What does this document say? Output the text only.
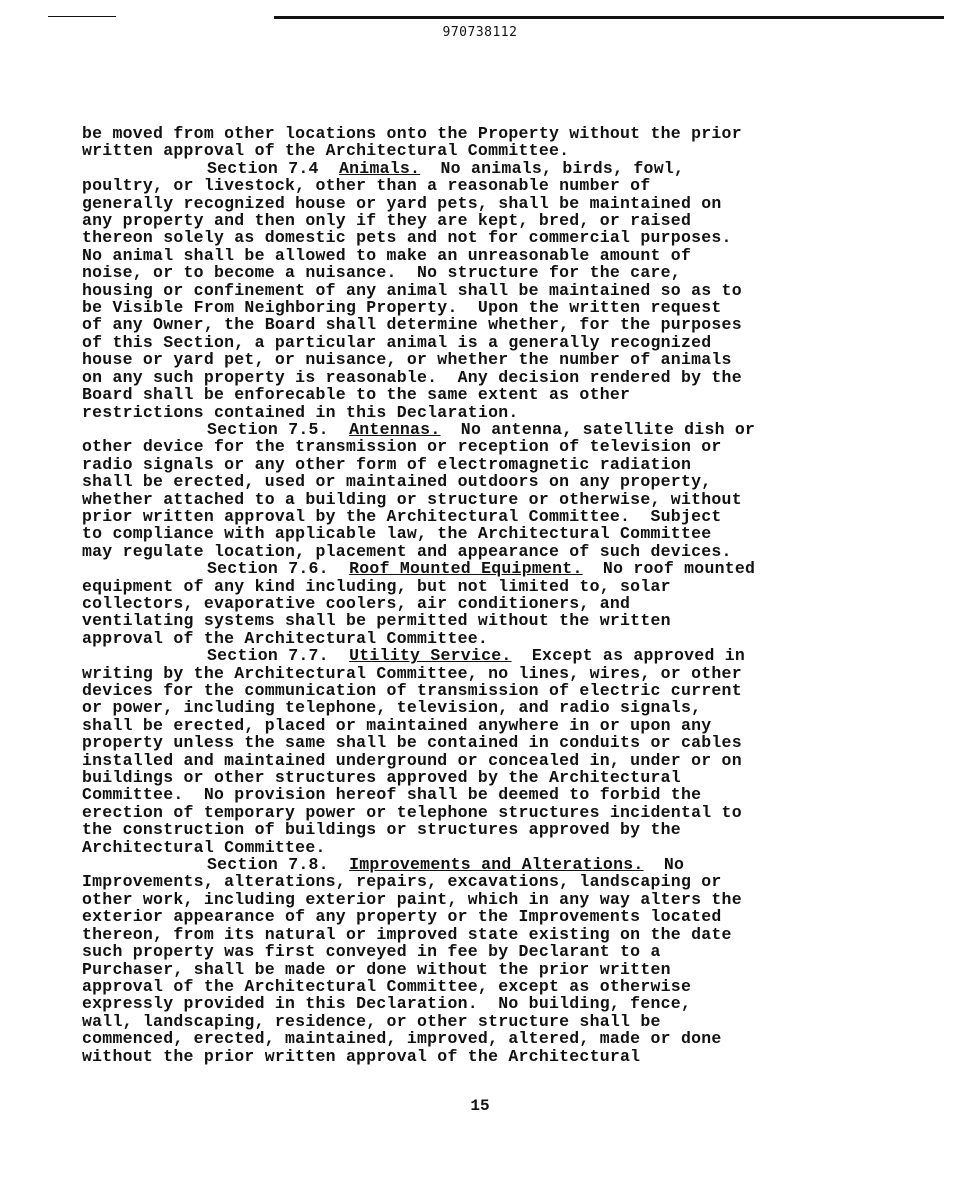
970738112
be moved from other locations onto the Property without the prior
written approval of the Architectural Committee.
Section 7.4  Animals.  No animals, birds, fowl,
poultry, or livestock, other than a reasonable number of
generally recognized house or yard pets, shall be maintained on
any property and then only if they are kept, bred, or raised
thereon solely as domestic pets and not for commercial purposes.
No animal shall be allowed to make an unreasonable amount of
noise, or to become a nuisance.  No structure for the care,
housing or confinement of any animal shall be maintained so as to
be Visible From Neighboring Property.  Upon the written request
of any Owner, the Board shall determine whether, for the purposes
of this Section, a particular animal is a generally recognized
house or yard pet, or nuisance, or whether the number of animals
on any such property is reasonable.  Any decision rendered by the
Board shall be enforecable to the same extent as other
restrictions contained in this Declaration.
Section 7.5.  Antennas.  No antenna, satellite dish or
other device for the transmission or reception of television or
radio signals or any other form of electromagnetic radiation
shall be erected, used or maintained outdoors on any property,
whether attached to a building or structure or otherwise, without
prior written approval by the Architectural Committee.  Subject
to compliance with applicable law, the Architectural Committee
may regulate location, placement and appearance of such devices.
Section 7.6.  Roof Mounted Equipment.  No roof mounted
equipment of any kind including, but not limited to, solar
collectors, evaporative coolers, air conditioners, and
ventilating systems shall be permitted without the written
approval of the Architectural Committee.
Section 7.7.  Utility Service.  Except as approved in
writing by the Architectural Committee, no lines, wires, or other
devices for the communication of transmission of electric current
or power, including telephone, television, and radio signals,
shall be erected, placed or maintained anywhere in or upon any
property unless the same shall be contained in conduits or cables
installed and maintained underground or concealed in, under or on
buildings or other structures approved by the Architectural
Committee.  No provision hereof shall be deemed to forbid the
erection of temporary power or telephone structures incidental to
the construction of buildings or structures approved by the
Architectural Committee.
Section 7.8.  Improvements and Alterations.  No
Improvements, alterations, repairs, excavations, landscaping or
other work, including exterior paint, which in any way alters the
exterior appearance of any property or the Improvements located
thereon, from its natural or improved state existing on the date
such property was first conveyed in fee by Declarant to a
Purchaser, shall be made or done without the prior written
approval of the Architectural Committee, except as otherwise
expressly provided in this Declaration.  No building, fence,
wall, landscaping, residence, or other structure shall be
commenced, erected, maintained, improved, altered, made or done
without the prior written approval of the Architectural
15
